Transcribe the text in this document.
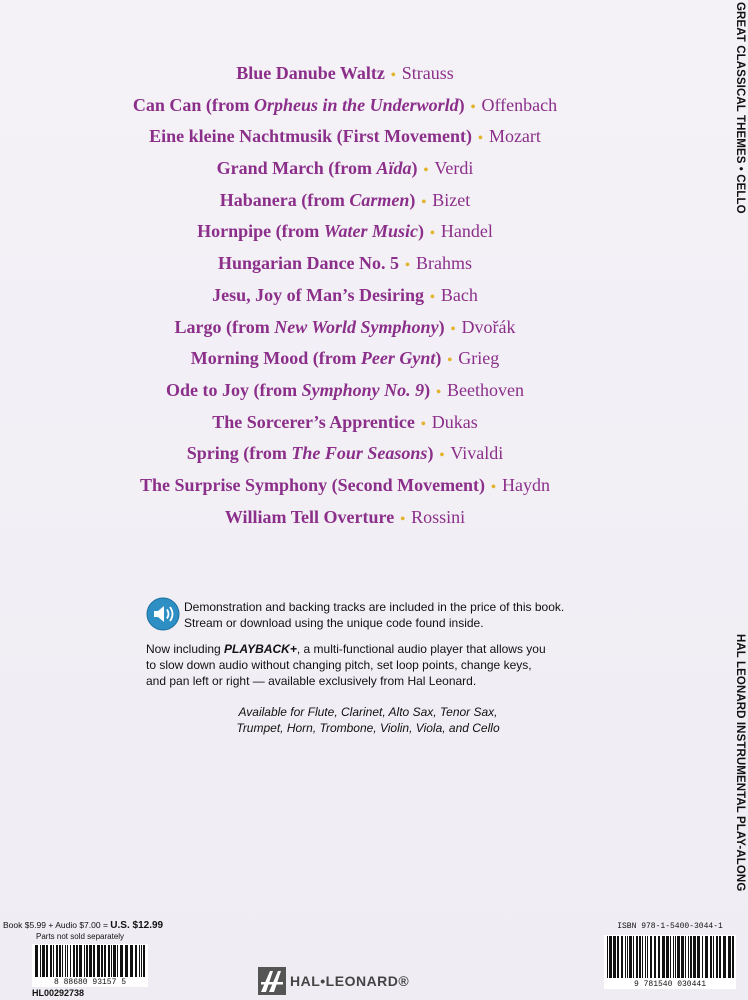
GREAT CLASSICAL THEMES • CELLO
HAL LEONARD INSTRUMENTAL PLAY-ALONG
Blue Danube Waltz • Strauss
Can Can (from Orpheus in the Underworld) • Offenbach
Eine kleine Nachtmusik (First Movement) • Mozart
Grand March (from Aïda) • Verdi
Habanera (from Carmen) • Bizet
Hornpipe (from Water Music) • Handel
Hungarian Dance No. 5 • Brahms
Jesu, Joy of Man’s Desiring • Bach
Largo (from New World Symphony) • Dvořák
Morning Mood (from Peer Gynt) • Grieg
Ode to Joy (from Symphony No. 9) • Beethoven
The Sorcerer’s Apprentice • Dukas
Spring (from The Four Seasons) • Vivaldi
The Surprise Symphony (Second Movement) • Haydn
William Tell Overture • Rossini
Demonstration and backing tracks are included in the price of this book.
Stream or download using the unique code found inside.
Now including PLAYBACK+, a multi-functional audio player that allows you
to slow down audio without changing pitch, set loop points, change keys,
and pan left or right — available exclusively from Hal Leonard.
Available for Flute, Clarinet, Alto Sax, Tenor Sax,
Trumpet, Horn, Trombone, Violin, Viola, and Cello
Book $5.99 + Audio $7.00 = U.S. $12.99
Parts not sold separately
8 88680 93157 5
HL00292738
ISBN 978-1-5400-3044-1
9 781540 030441
HAL•LEONARD®
